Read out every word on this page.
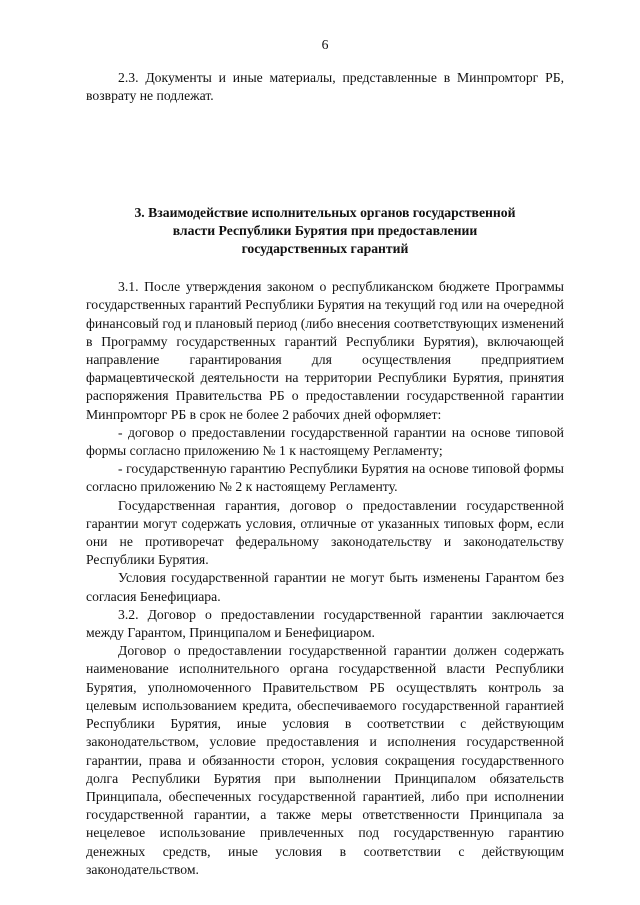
6

2.3. Документы и иные материалы, представленные в Минпромторг РБ, возврату не подлежат.

3. Взаимодействие исполнительных органов государственной
власти Республики Бурятия при предоставлении
государственных гарантий

3.1. После утверждения законом о республиканском бюджете Программы государственных гарантий Республики Бурятия на текущий год или на очередной финансовый год и плановый период (либо внесения соответствующих изменений в Программу государственных гарантий Республики Бурятия), включающей направление гарантирования для осуществления предприятием фармацевтической деятельности на территории Республики Бурятия, принятия распоряжения Правительства РБ о предоставлении государственной гарантии Минпромторг РБ в срок не более 2 рабочих дней оформляет:

- договор о предоставлении государственной гарантии на основе типовой формы согласно приложению № 1 к настоящему Регламенту;

- государственную гарантию Республики Бурятия на основе типовой формы согласно приложению № 2 к настоящему Регламенту.

Государственная гарантия, договор о предоставлении государственной гарантии могут содержать условия, отличные от указанных типовых форм, если они не противоречат федеральному законодательству и законодательству Республики Бурятия.

Условия государственной гарантии не могут быть изменены Гарантом без согласия Бенефициара.

3.2. Договор о предоставлении государственной гарантии заключается между Гарантом, Принципалом и Бенефициаром.

Договор о предоставлении государственной гарантии должен содержать наименование исполнительного органа государственной власти Республики Бурятия, уполномоченного Правительством РБ осуществлять контроль за целевым использованием кредита, обеспечиваемого государственной гарантией Республики Бурятия, иные условия в соответствии с действующим законодательством, условие предоставления и исполнения государственной гарантии, права и обязанности сторон, условия сокращения государственного долга Республики Бурятия при выполнении Принципалом обязательств Принципала, обеспеченных государственной гарантией, либо при исполнении государственной гарантии, а также меры ответственности Принципала за нецелевое использование привлеченных под государственную гарантию денежных средств, иные условия в соответствии с действующим законодательством.
